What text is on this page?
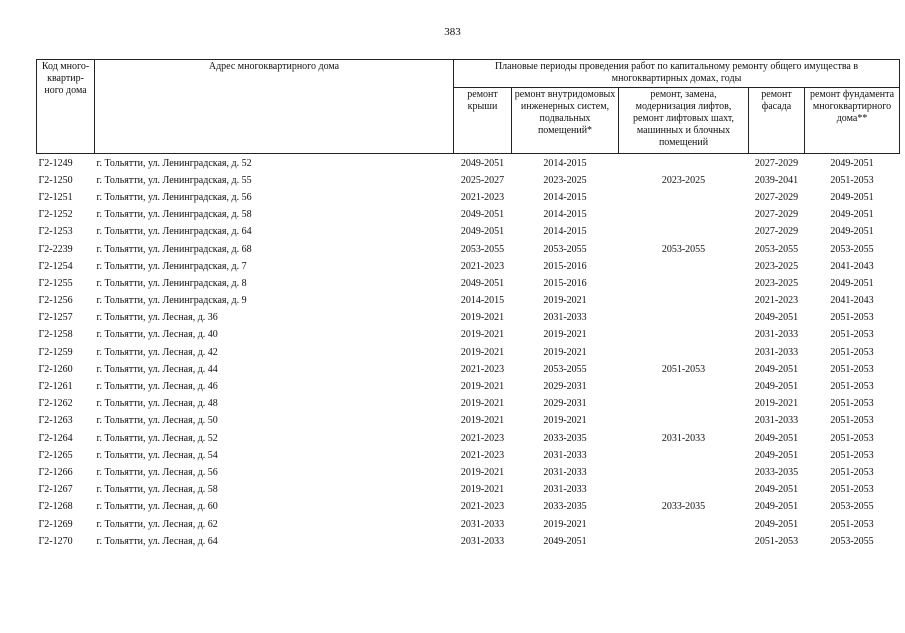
383
Код много-квартир-ного дома	Адрес многоквартирного дома	Плановые периоды проведения работ по капитальному ремонту общего имущества в многоквартирных домах, годы				
		ремонт крыши	ремонт внутридомовых инженерных систем, подвальных помещений*	ремонт, замена, модернизация лифтов, ремонт лифтовых шахт, машинных и блочных помещений	ремонт фасада	ремонт фундамента многоквартирного дома**
Г2-1249	г. Тольятти, ул. Ленинградская, д. 52	2049-2051	2014-2015		2027-2029	2049-2051
Г2-1250	г. Тольятти, ул. Ленинградская, д. 55	2025-2027	2023-2025	2023-2025	2039-2041	2051-2053
Г2-1251	г. Тольятти, ул. Ленинградская, д. 56	2021-2023	2014-2015		2027-2029	2049-2051
Г2-1252	г. Тольятти, ул. Ленинградская, д. 58	2049-2051	2014-2015		2027-2029	2049-2051
Г2-1253	г. Тольятти, ул. Ленинградская, д. 64	2049-2051	2014-2015		2027-2029	2049-2051
Г2-2239	г. Тольятти, ул. Ленинградская, д. 68	2053-2055	2053-2055	2053-2055	2053-2055	2053-2055
Г2-1254	г. Тольятти, ул. Ленинградская, д. 7	2021-2023	2015-2016		2023-2025	2041-2043
Г2-1255	г. Тольятти, ул. Ленинградская, д. 8	2049-2051	2015-2016		2023-2025	2049-2051
Г2-1256	г. Тольятти, ул. Ленинградская, д. 9	2014-2015	2019-2021		2021-2023	2041-2043
Г2-1257	г. Тольятти, ул. Лесная, д. 36	2019-2021	2031-2033		2049-2051	2051-2053
Г2-1258	г. Тольятти, ул. Лесная, д. 40	2019-2021	2019-2021		2031-2033	2051-2053
Г2-1259	г. Тольятти, ул. Лесная, д. 42	2019-2021	2019-2021		2031-2033	2051-2053
Г2-1260	г. Тольятти, ул. Лесная, д. 44	2021-2023	2053-2055	2051-2053	2049-2051	2051-2053
Г2-1261	г. Тольятти, ул. Лесная, д. 46	2019-2021	2029-2031		2049-2051	2051-2053
Г2-1262	г. Тольятти, ул. Лесная, д. 48	2019-2021	2029-2031		2019-2021	2051-2053
Г2-1263	г. Тольятти, ул. Лесная, д. 50	2019-2021	2019-2021		2031-2033	2051-2053
Г2-1264	г. Тольятти, ул. Лесная, д. 52	2021-2023	2033-2035	2031-2033	2049-2051	2051-2053
Г2-1265	г. Тольятти, ул. Лесная, д. 54	2021-2023	2031-2033		2049-2051	2051-2053
Г2-1266	г. Тольятти, ул. Лесная, д. 56	2019-2021	2031-2033		2033-2035	2051-2053
Г2-1267	г. Тольятти, ул. Лесная, д. 58	2019-2021	2031-2033		2049-2051	2051-2053
Г2-1268	г. Тольятти, ул. Лесная, д. 60	2021-2023	2033-2035	2033-2035	2049-2051	2053-2055
Г2-1269	г. Тольятти, ул. Лесная, д. 62	2031-2033	2019-2021		2049-2051	2051-2053
Г2-1270	г. Тольятти, ул. Лесная, д. 64	2031-2033	2049-2051		2051-2053	2053-2055
